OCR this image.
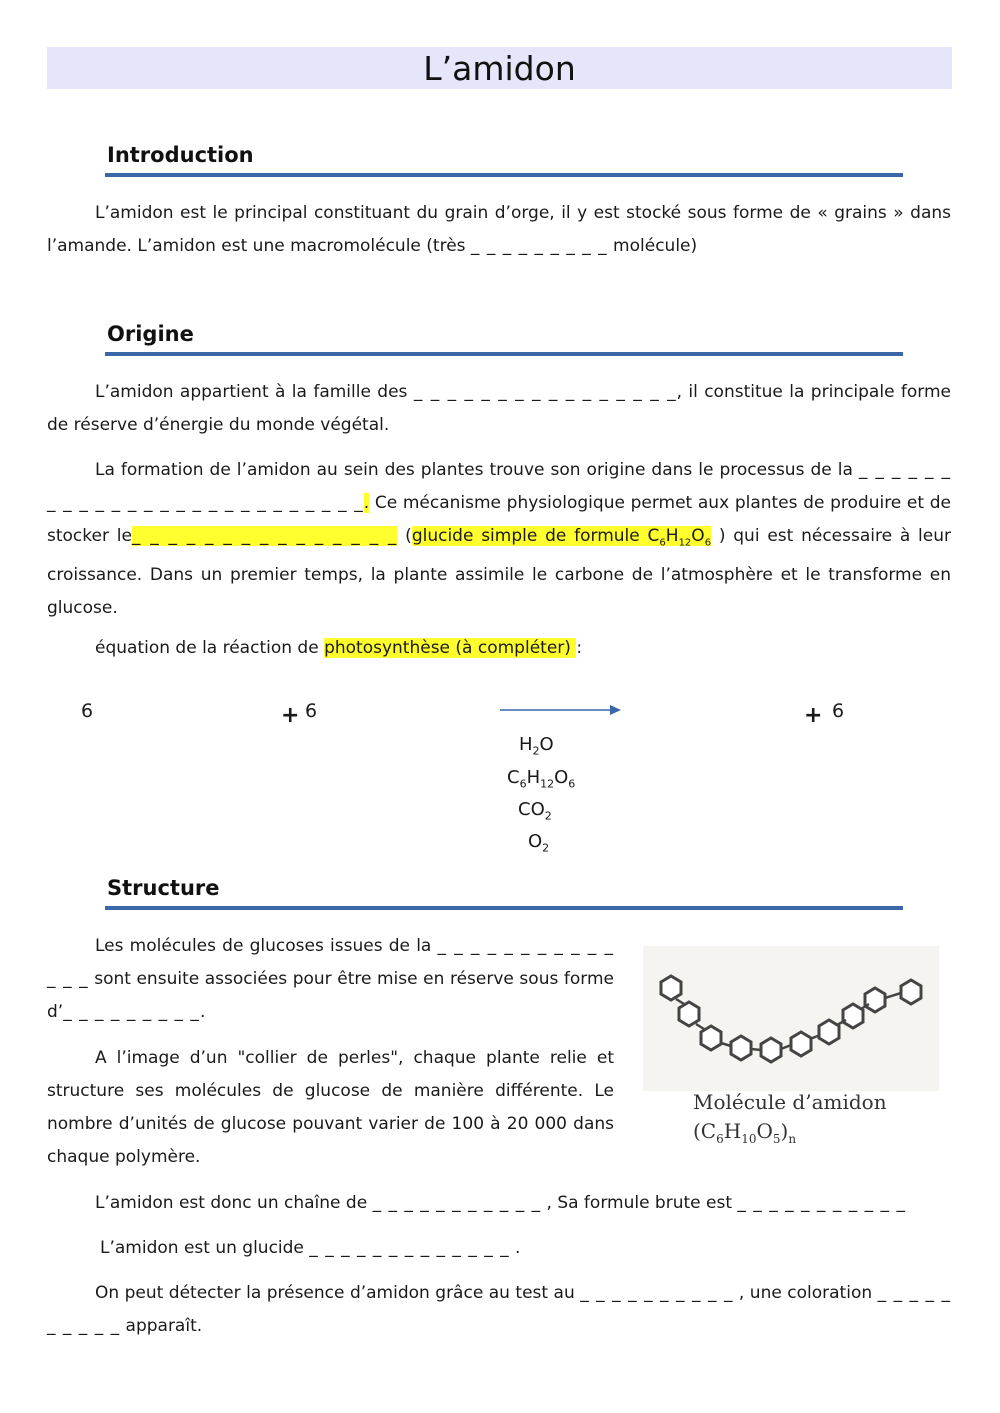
L’amidon
Introduction

L’amidon est le principal constituant du grain d’orge, il y est stocké sous forme de « grains » dans l’amande. L’amidon est une macromolécule (très _ _ _ _ _ _ _ _ _ molécule)

Origine

L’amidon appartient à la famille des _ _ _ _ _ _ _ _ _ _ _ _ _ _ _ _, il constitue la principale forme de réserve d’énergie du monde végétal.

La formation de l’amidon au sein des plantes trouve son origine dans le processus de la _ _ _ _ _ _ _ _ _ _ _ _ _ _ _ _ _ _ _ _ _ _ _ _ _ _. Ce mécanisme physiologique permet aux plantes de produire et de stocker le_ _ _ _ _ _ _ _ _ _ _ _ _ _ _ (glucide simple de formule $C_6H_{12}O_6$ ) qui est nécessaire à leur croissance. Dans un premier temps, la plante assimile le carbone de l’atmosphère et le transforme en glucose.

équation de la réaction de photosynthèse (à compléter) :

6	+ 6	+ 6
$H_2O$
$C_6H_{12}O_6$
$CO_2$
$O_2$
Structure

Les molécules de glucoses issues de la _ _ _ _ _ _ _ _ _ _ _ _ _ _ sont ensuite associées pour être mise en réserve sous forme d’_ _ _ _ _ _ _ _ _.

A l’image d’un "collier de perles", chaque plante relie et structure ses molécules de glucose de manière différente. Le nombre d’unités de glucose pouvant varier de 100 à 20 000 dans chaque polymère.

Molécule d’amidon
$(C_6H_{10}O_5)_n$

L’amidon est donc un chaîne de _ _ _ _ _ _ _ _ _ _ _ , Sa formule brute est _ _ _ _ _ _ _ _ _ _ _

L’amidon est un glucide _ _ _ _ _ _ _ _ _ _ _ _ _ .

On peut détecter la présence d’amidon grâce au test au _ _ _ _ _ _ _ _ _ _ , une coloration _ _ _ _ _ _ _ _ _ _ apparaît.
